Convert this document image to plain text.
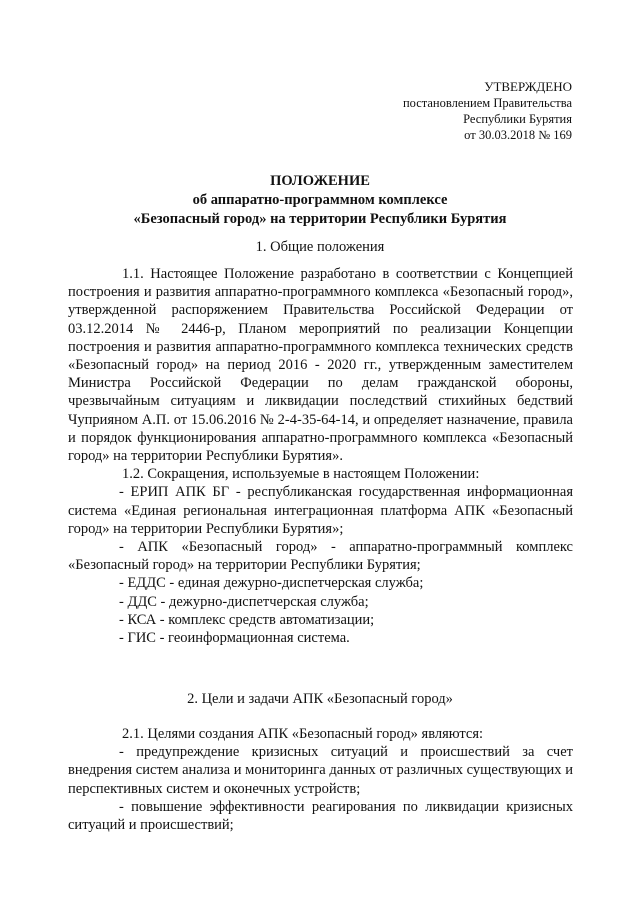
УТВЕРЖДЕНО
постановлением Правительства
Республики Бурятия
от 30.03.2018 № 169
ПОЛОЖЕНИЕ
об аппаратно-программном комплексе
«Безопасный город» на территории Республики Бурятия
1. Общие положения

1.1. Настоящее Положение разработано в соответствии с Концепцией построения и развития аппаратно-программного комплекса «Безопасный город», утвержденной распоряжением Правительства Российской Федерации от 03.12.2014 № 2446-р, Планом мероприятий по реализации Концепции построения и развития аппаратно-программного комплекса технических средств «Безопасный город» на период 2016 - 2020 гг., утвержденным заместителем Министра Российской Федерации по делам гражданской обороны, чрезвычайным ситуациям и ликвидации последствий стихийных бедствий Чуприяном А.П. от 15.06.2016 № 2-4-35-64-14, и определяет назначение, правила и порядок функционирования аппаратно-программного комплекса «Безопасный город» на территории Республики Бурятия».

1.2. Сокращения, используемые в настоящем Положении:

- ЕРИП АПК БГ - республиканская государственная информационная система «Единая региональная интеграционная платформа АПК «Безопасный город» на территории Республики Бурятия»;

- АПК «Безопасный город» - аппаратно-программный комплекс «Безопасный город» на территории Республики Бурятия;

- ЕДДС - единая дежурно-диспетчерская служба;

- ДДС - дежурно-диспетчерская служба;

- КСА - комплекс средств автоматизации;

- ГИС - геоинформационная система.

2. Цели и задачи АПК «Безопасный город»

2.1. Целями создания АПК «Безопасный город» являются:

- предупреждение кризисных ситуаций и происшествий за счет внедрения систем анализа и мониторинга данных от различных существующих и перспективных систем и оконечных устройств;

- повышение эффективности реагирования по ликвидации кризисных ситуаций и происшествий;
